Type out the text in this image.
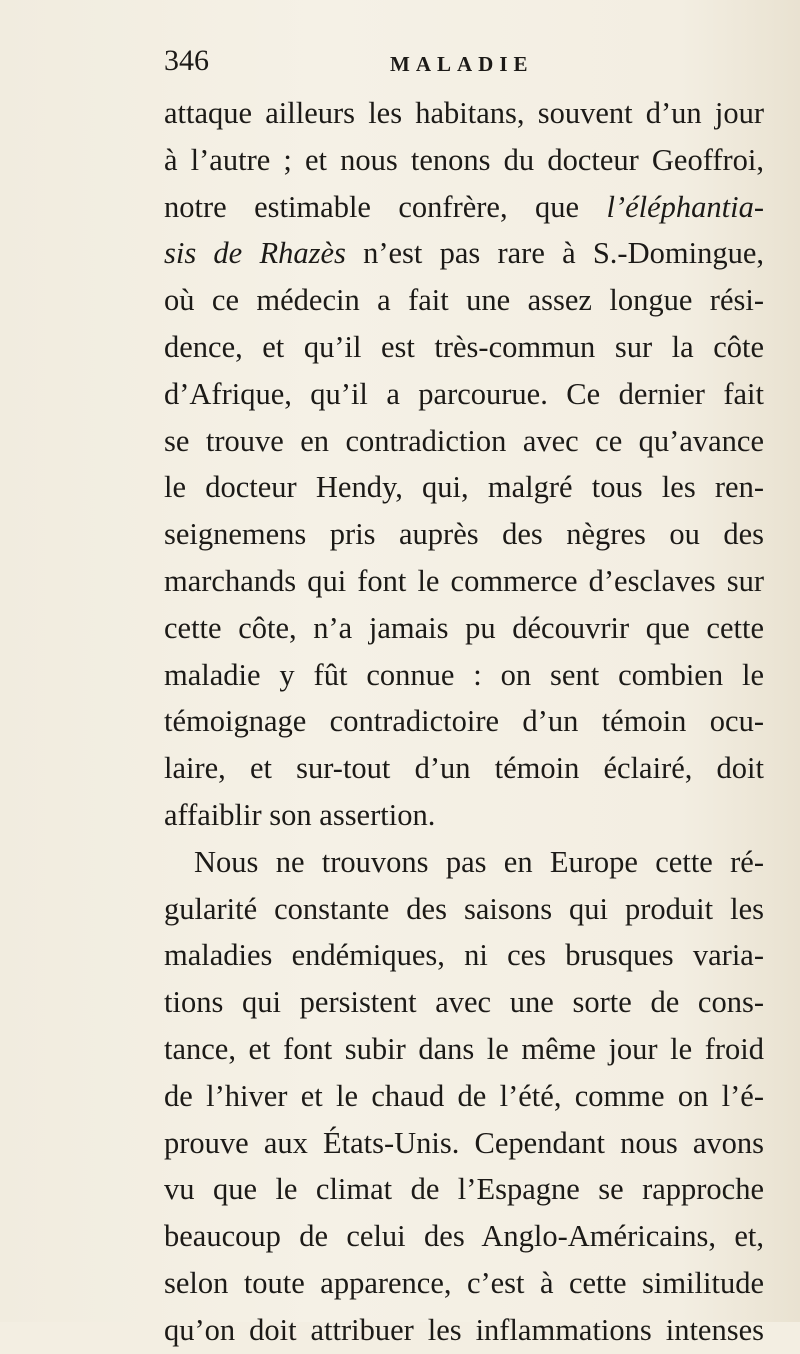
346	MALADIE
attaque ailleurs les habitans, souvent d’un jour
à l’autre ; et nous tenons du docteur Geoffroi,
notre estimable confrère, que l’éléphantia-
sis de Rhazès n’est pas rare à S.-Domingue,
où ce médecin a fait une assez longue rési-
dence, et qu’il est très-commun sur la côte
d’Afrique, qu’il a parcourue. Ce dernier fait
se trouve en contradiction avec ce qu’avance
le docteur Hendy, qui, malgré tous les ren-
seignemens pris auprès des nègres ou des
marchands qui font le commerce d’esclaves sur
cette côte, n’a jamais pu découvrir que cette
maladie y fût connue : on sent combien le
témoignage contradictoire d’un témoin ocu-
laire, et sur-tout d’un témoin éclairé, doit
affaiblir son assertion.
Nous ne trouvons pas en Europe cette ré-
gularité constante des saisons qui produit les
maladies endémiques, ni ces brusques varia-
tions qui persistent avec une sorte de cons-
tance, et font subir dans le même jour le froid
de l’hiver et le chaud de l’été, comme on l’é-
prouve aux États-Unis. Cependant nous avons
vu que le climat de l’Espagne se rapproche
beaucoup de celui des Anglo-Américains, et,
selon toute apparence, c’est à cette similitude
qu’on doit attribuer les inflammations intenses
